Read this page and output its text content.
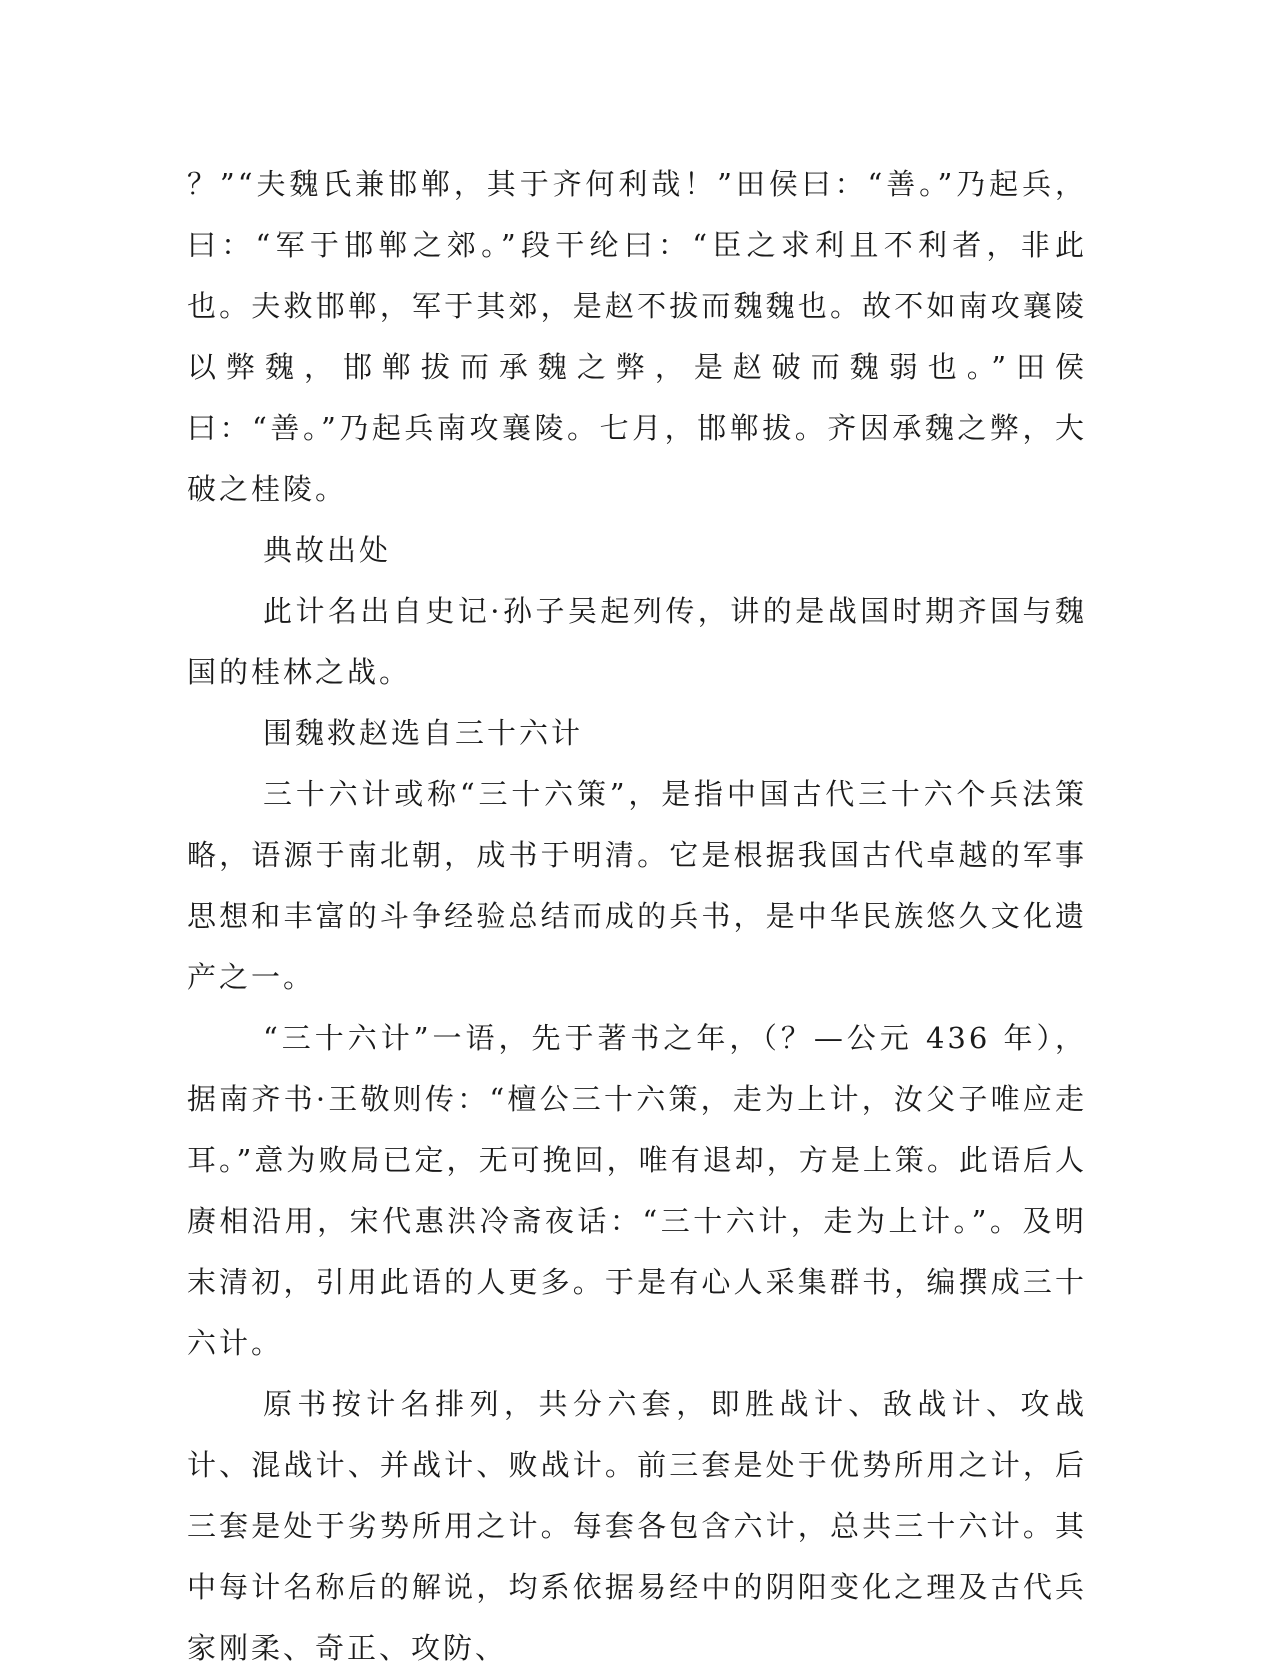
？”“夫魏氏兼邯郸，其于齐何利哉！”田侯曰：“善。”乃起兵，曰：“军于邯郸之郊。”段干纶曰：“臣之求利且不利者，非此也。夫救邯郸，军于其郊，是赵不拔而魏魏也。故不如南攻襄陵以弊魏，邯郸拔而承魏之弊，是赵破而魏弱也。”田侯曰：“善。”乃起兵南攻襄陵。七月，邯郸拔。齐因承魏之弊，大破之桂陵。

典故出处

此计名出自史记·孙子吴起列传，讲的是战国时期齐国与魏国的桂林之战。

围魏救赵选自三十六计

三十六计或称“三十六策”，是指中国古代三十六个兵法策略，语源于南北朝，成书于明清。它是根据我国古代卓越的军事思想和丰富的斗争经验总结而成的兵书，是中华民族悠久文化遗产之一。

“三十六计”一语，先于著书之年，（？—公元 436 年），据南齐书·王敬则传：“檀公三十六策，走为上计，汝父子唯应走耳。”意为败局已定，无可挽回，唯有退却，方是上策。此语后人赓相沿用，宋代惠洪冷斋夜话：“三十六计，走为上计。”。及明末清初，引用此语的人更多。于是有心人采集群书，编撰成三十六计。

原书按计名排列，共分六套，即胜战计、敌战计、攻战计、混战计、并战计、败战计。前三套是处于优势所用之计，后三套是处于劣势所用之计。每套各包含六计，总共三十六计。其中每计名称后的解说，均系依据易经中的阴阳变化之理及古代兵家刚柔、奇正、攻防、
